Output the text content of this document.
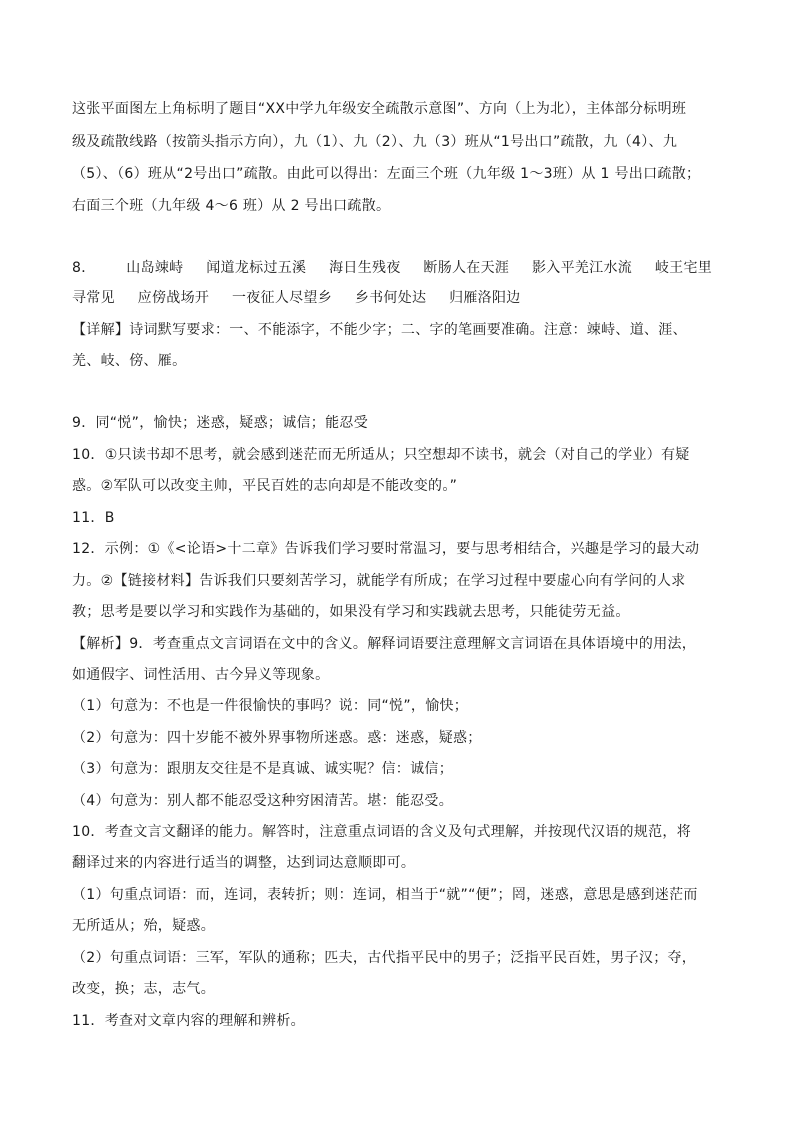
这张平面图左上角标明了题目“XX中学九年级安全疏散示意图”、方向（上为北），主体部分标明班
级及疏散线路（按箭头指示方向），九（1）、九（2）、九（3）班从“1号出口”疏散，九（4）、九
（5）、（6）班从“2号出口”疏散。由此可以得出：左面三个班（九年级 1～3班）从 1 号出口疏散；
右面三个班（九年级 4～6 班）从 2 号出口疏散。
8． 山岛竦峙 闻道龙标过五溪 海日生残夜 断肠人在天涯 影入平羌江水流 岐王宅里
寻常见 应傍战场开 一夜征人尽望乡 乡书何处达 归雁洛阳边
【详解】诗词默写要求：一、不能添字，不能少字；二、字的笔画要准确。注意：竦峙、道、涯、
羌、岐、傍、雁。
9．同“悦”，愉快；迷惑，疑惑；诚信；能忍受
10．①只读书却不思考，就会感到迷茫而无所适从；只空想却不读书，就会（对自己的学业）有疑
惑。②军队可以改变主帅，平民百姓的志向却是不能改变的。”
11．B
12．示例：①《<论语>十二章》告诉我们学习要时常温习，要与思考相结合，兴趣是学习的最大动
力。②【链接材料】告诉我们只要刻苦学习，就能学有所成；在学习过程中要虚心向有学问的人求
教；思考是要以学习和实践作为基础的，如果没有学习和实践就去思考，只能徒劳无益。
【解析】9．考查重点文言词语在文中的含义。解释词语要注意理解文言词语在具体语境中的用法，
如通假字、词性活用、古今异义等现象。
（1）句意为：不也是一件很愉快的事吗？说：同“悦”，愉快；
（2）句意为：四十岁能不被外界事物所迷惑。惑：迷惑，疑惑；
（3）句意为：跟朋友交往是不是真诚、诚实呢？信：诚信；
（4）句意为：别人都不能忍受这种穷困清苦。堪：能忍受。
10．考查文言文翻译的能力。解答时，注意重点词语的含义及句式理解，并按现代汉语的规范，将
翻译过来的内容进行适当的调整，达到词达意顺即可。
（1）句重点词语：而，连词，表转折；则：连词，相当于“就”“便”；罔，迷惑，意思是感到迷茫而
无所适从；殆，疑惑。
（2）句重点词语：三军，军队的通称；匹夫，古代指平民中的男子；泛指平民百姓，男子汉；夺，
改变，换；志，志气。
11．考查对文章内容的理解和辨析。
